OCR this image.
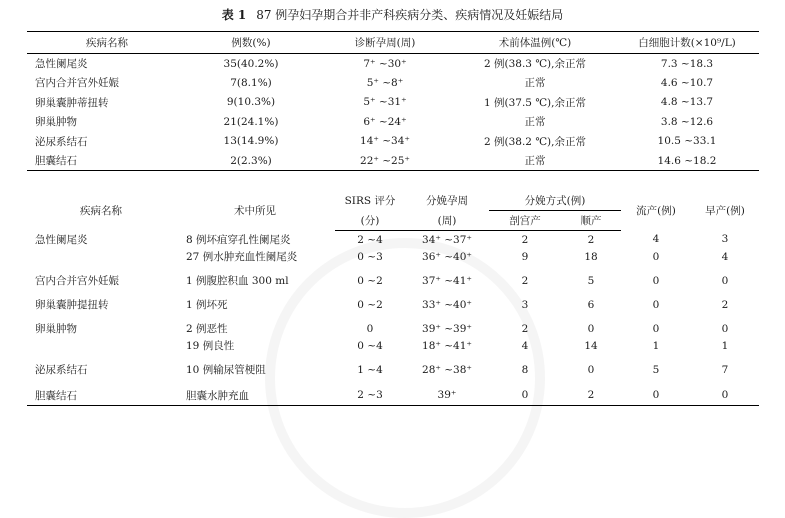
表 1 87 例孕妇孕期合并非产科疾病分类、疾病情况及妊娠结局
疾病名称	例数(%)	诊断孕周(周)	术前体温例(℃)	白细胞计数(×10⁹/L)
急性阑尾炎	35(40.2%)	7⁺ ~30⁺	2 例(38.3 ℃),余正常	7.3 ~18.3
宫内合并宫外妊娠	7(8.1%)	5⁺ ~8⁺	正常	4.6 ~10.7
卵巢囊肿蒂扭转	9(10.3%)	5⁺ ~31⁺	1 例(37.5 ℃),余正常	4.8 ~13.7
卵巢肿物	21(24.1%)	6⁺ ~24⁺	正常	3.8 ~12.6
泌尿系结石	13(14.9%)	14⁺ ~34⁺	2 例(38.2 ℃),余正常	10.5 ~33.1
胆囊结石	2(2.3%)	22⁺ ~25⁺	正常	14.6 ~18.2
疾病名称	术中所见	SIRS 评分	分娩孕周	分娩方式(例)		流产(例)	早产(例)
		(分)	(周)	剖宫产	顺产		
急性阑尾炎	8 例坏疽穿孔性阑尾炎	2 ~4	34⁺ ~37⁺	2	2	4	3
	27 例水肿充血性阑尾炎	0 ~3	36⁺ ~40⁺	9	18	0	4
宫内合并宫外妊娠	1 例腹腔积血 300 ml	0 ~2	37⁺ ~41⁺	2	5	0	0
卵巢囊肿提扭转	1 例坏死	0 ~2	33⁺ ~40⁺	3	6	0	2
卵巢肿物	2 例恶性	0	39⁺ ~39⁺	2	0	0	0
	19 例良性	0 ~4	18⁺ ~41⁺	4	14	1	1
泌尿系结石	10 例输尿管梗阻	1 ~4	28⁺ ~38⁺	8	0	5	7
胆囊结石	胆囊水肿充血	2 ~3	39⁺	0	2	0	0
